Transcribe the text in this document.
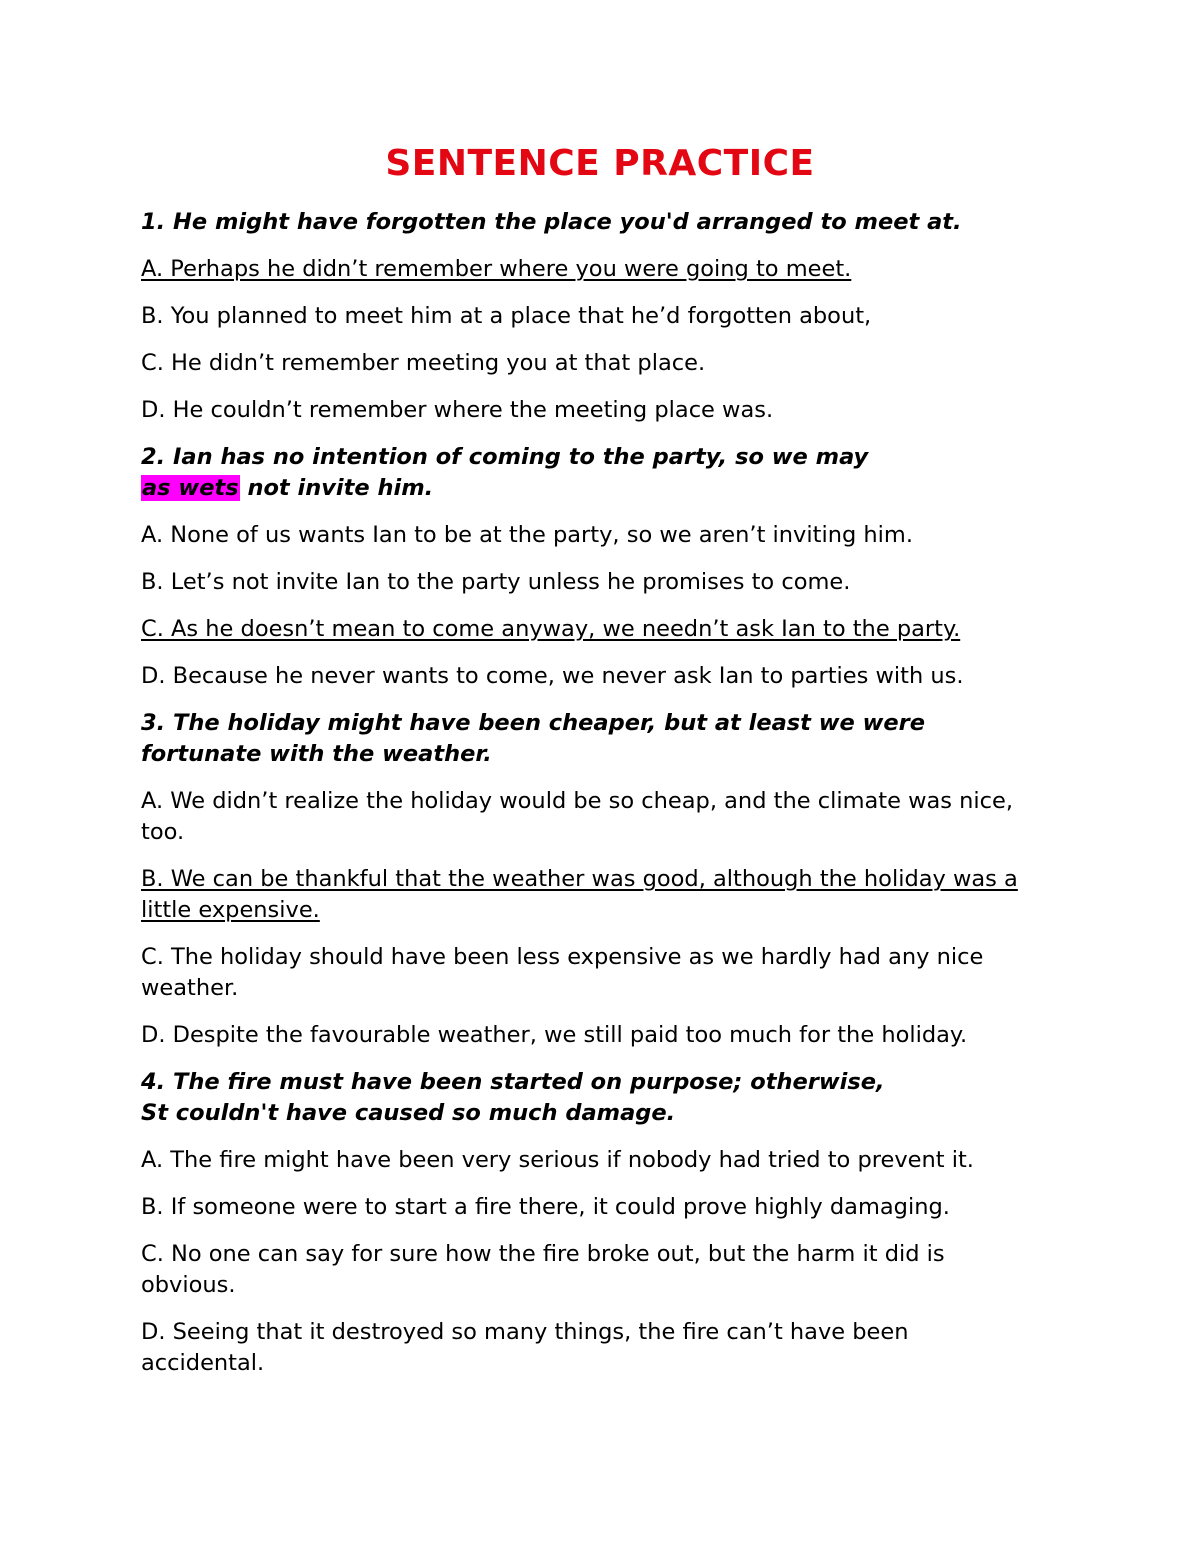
SENTENCE PRACTICE

1. He might have forgotten the place you'd arranged to meet at.

A. Perhaps he didn’t remember where you were going to meet.

B. You planned to meet him at a place that he’d forgotten about,

C. He didn’t remember meeting you at that place.

D. He couldn’t remember where the meeting place was.

2. Ian has no intention of coming to the party, so we may

as wets not invite him.

A. None of us wants Ian to be at the party, so we aren’t inviting him.

B. Let’s not invite Ian to the party unless he promises to come.

C. As he doesn’t mean to come anyway, we needn’t ask Ian to the party.

D. Because he never wants to come, we never ask Ian to parties with us.

3. The holiday might have been cheaper, but at least we were

fortunate with the weather.

A. We didn’t realize the holiday would be so cheap, and the climate was nice,

too.

B. We can be thankful that the weather was good, although the holiday was a

little expensive.

C. The holiday should have been less expensive as we hardly had any nice

weather.

D. Despite the favourable weather, we still paid too much for the holiday.

4. The fire must have been started on purpose; otherwise,

St couldn't have caused so much damage.

A. The fire might have been very serious if nobody had tried to prevent it.

B. If someone were to start a fire there, it could prove highly damaging.

C. No one can say for sure how the fire broke out, but the harm it did is

obvious.

D. Seeing that it destroyed so many things, the fire can’t have been

accidental.
